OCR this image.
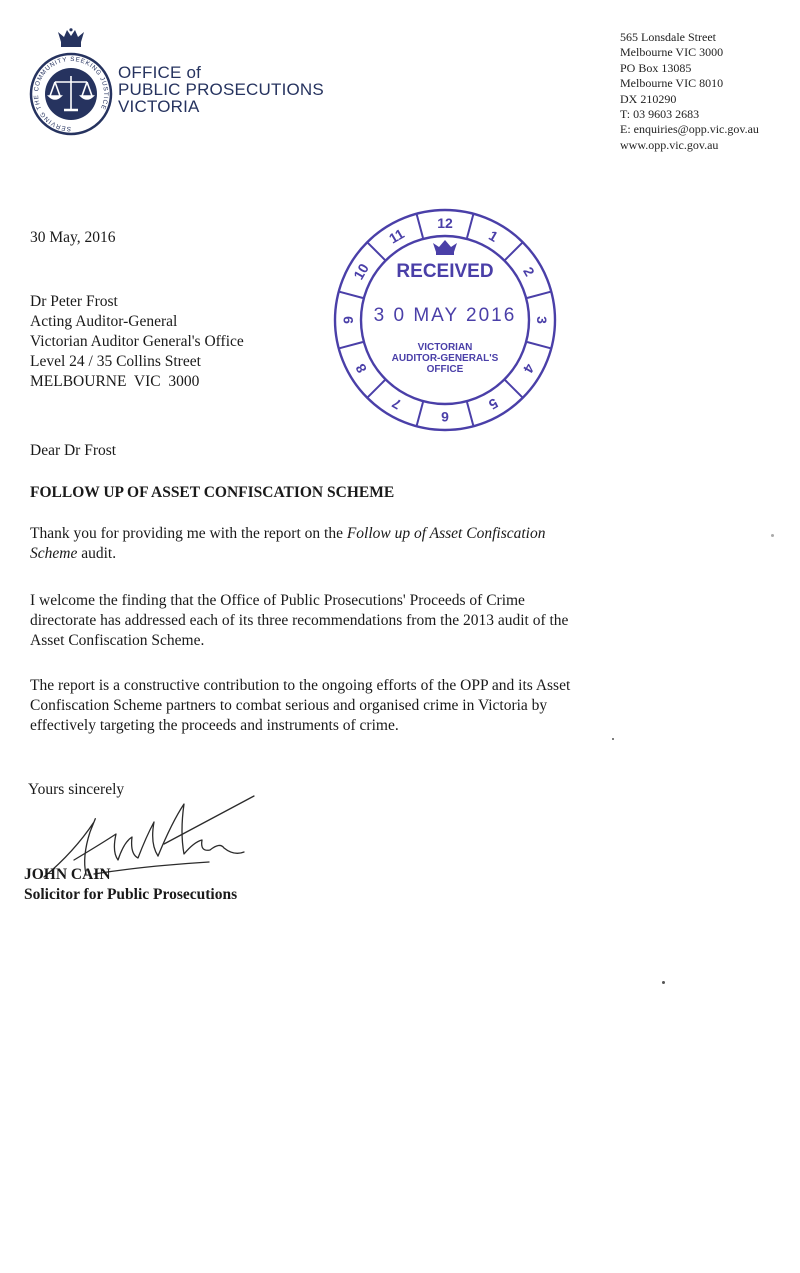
SERVING THE COMMUNITY SEEKING JUSTICE
OFFICE of
PUBLIC PROSECUTIONS
VICTORIA
565 Lonsdale Street
Melbourne VIC 3000
PO Box 13085
Melbourne VIC 8010
DX 210290
T: 03 9603 2683
E: enquiries@opp.vic.gov.au
www.opp.vic.gov.au
12
1
2
3
4
5
6
7
8
9
10
11
RECEIVED
3 0 MAY 2016
VICTORIAN
AUDITOR-GENERAL'S
OFFICE
30 May, 2016
Dr Peter Frost
Acting Auditor-General
Victorian Auditor General's Office
Level 24 / 35 Collins Street
MELBOURNE  VIC  3000
Dear Dr Frost
FOLLOW UP OF ASSET CONFISCATION SCHEME
Thank you for providing me with the report on the Follow up of Asset Confiscation
Scheme audit.
I welcome the finding that the Office of Public Prosecutions' Proceeds of Crime
directorate has addressed each of its three recommendations from the 2013 audit of the
Asset Confiscation Scheme.
The report is a constructive contribution to the ongoing efforts of the OPP and its Asset
Confiscation Scheme partners to combat serious and organised crime in Victoria by
effectively targeting the proceeds and instruments of crime.
Yours sincerely
JOHN CAIN
Solicitor for Public Prosecutions
